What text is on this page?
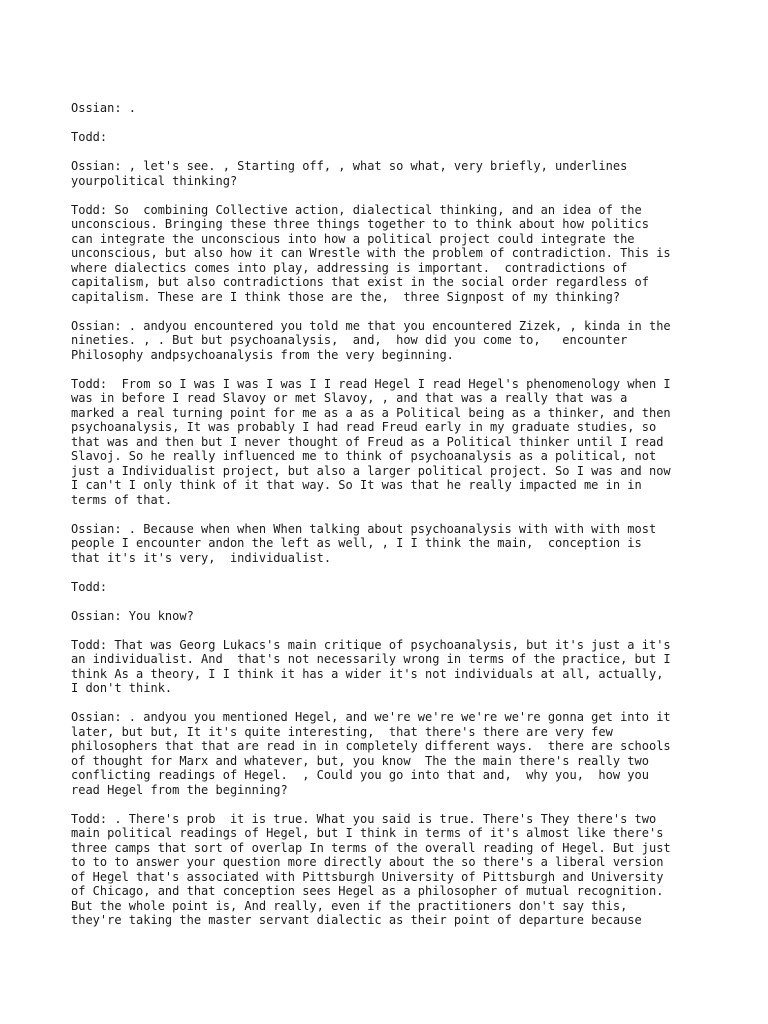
Ossian: .

Todd:

Ossian: , let's see. , Starting off, , what so what, very briefly, underlines
yourpolitical thinking?

Todd: So  combining Collective action, dialectical thinking, and an idea of the
unconscious. Bringing these three things together to to think about how politics
can integrate the unconscious into how a political project could integrate the
unconscious, but also how it can Wrestle with the problem of contradiction. This is
where dialectics comes into play, addressing is important.  contradictions of
capitalism, but also contradictions that exist in the social order regardless of
capitalism. These are I think those are the,  three Signpost of my thinking?

Ossian: . andyou encountered you told me that you encountered Zizek, , kinda in the
nineties. , . But but psychoanalysis,  and,  how did you come to,   encounter
Philosophy andpsychoanalysis from the very beginning.

Todd:  From so I was I was I was I I read Hegel I read Hegel's phenomenology when I
was in before I read Slavoy or met Slavoy, , and that was a really that was a
marked a real turning point for me as a as a Political being as a thinker, and then
psychoanalysis, It was probably I had read Freud early in my graduate studies, so
that was and then but I never thought of Freud as a Political thinker until I read
Slavoj. So he really influenced me to think of psychoanalysis as a political, not
just a Individualist project, but also a larger political project. So I was and now
I can't I only think of it that way. So It was that he really impacted me in in
terms of that.

Ossian: . Because when when When talking about psychoanalysis with with with most
people I encounter andon the left as well, , I I think the main,  conception is
that it's it's very,  individualist.

Todd:

Ossian: You know?

Todd: That was Georg Lukacs's main critique of psychoanalysis, but it's just a it's
an individualist. And  that's not necessarily wrong in terms of the practice, but I
think As a theory, I I think it has a wider it's not individuals at all, actually,
I don't think.

Ossian: . andyou you mentioned Hegel, and we're we're we're we're gonna get into it
later, but but, It it's quite interesting,  that there's there are very few
philosophers that that are read in in completely different ways.  there are schools
of thought for Marx and whatever, but, you know  The the main there's really two
conflicting readings of Hegel.  , Could you go into that and,  why you,  how you
read Hegel from the beginning?

Todd: . There's prob  it is true. What you said is true. There's They there's two
main political readings of Hegel, but I think in terms of it's almost like there's
three camps that sort of overlap In terms of the overall reading of Hegel. But just
to to to answer your question more directly about the so there's a liberal version
of Hegel that's associated with Pittsburgh University of Pittsburgh and University
of Chicago, and that conception sees Hegel as a philosopher of mutual recognition.
But the whole point is, And really, even if the practitioners don't say this,
they're taking the master servant dialectic as their point of departure because
